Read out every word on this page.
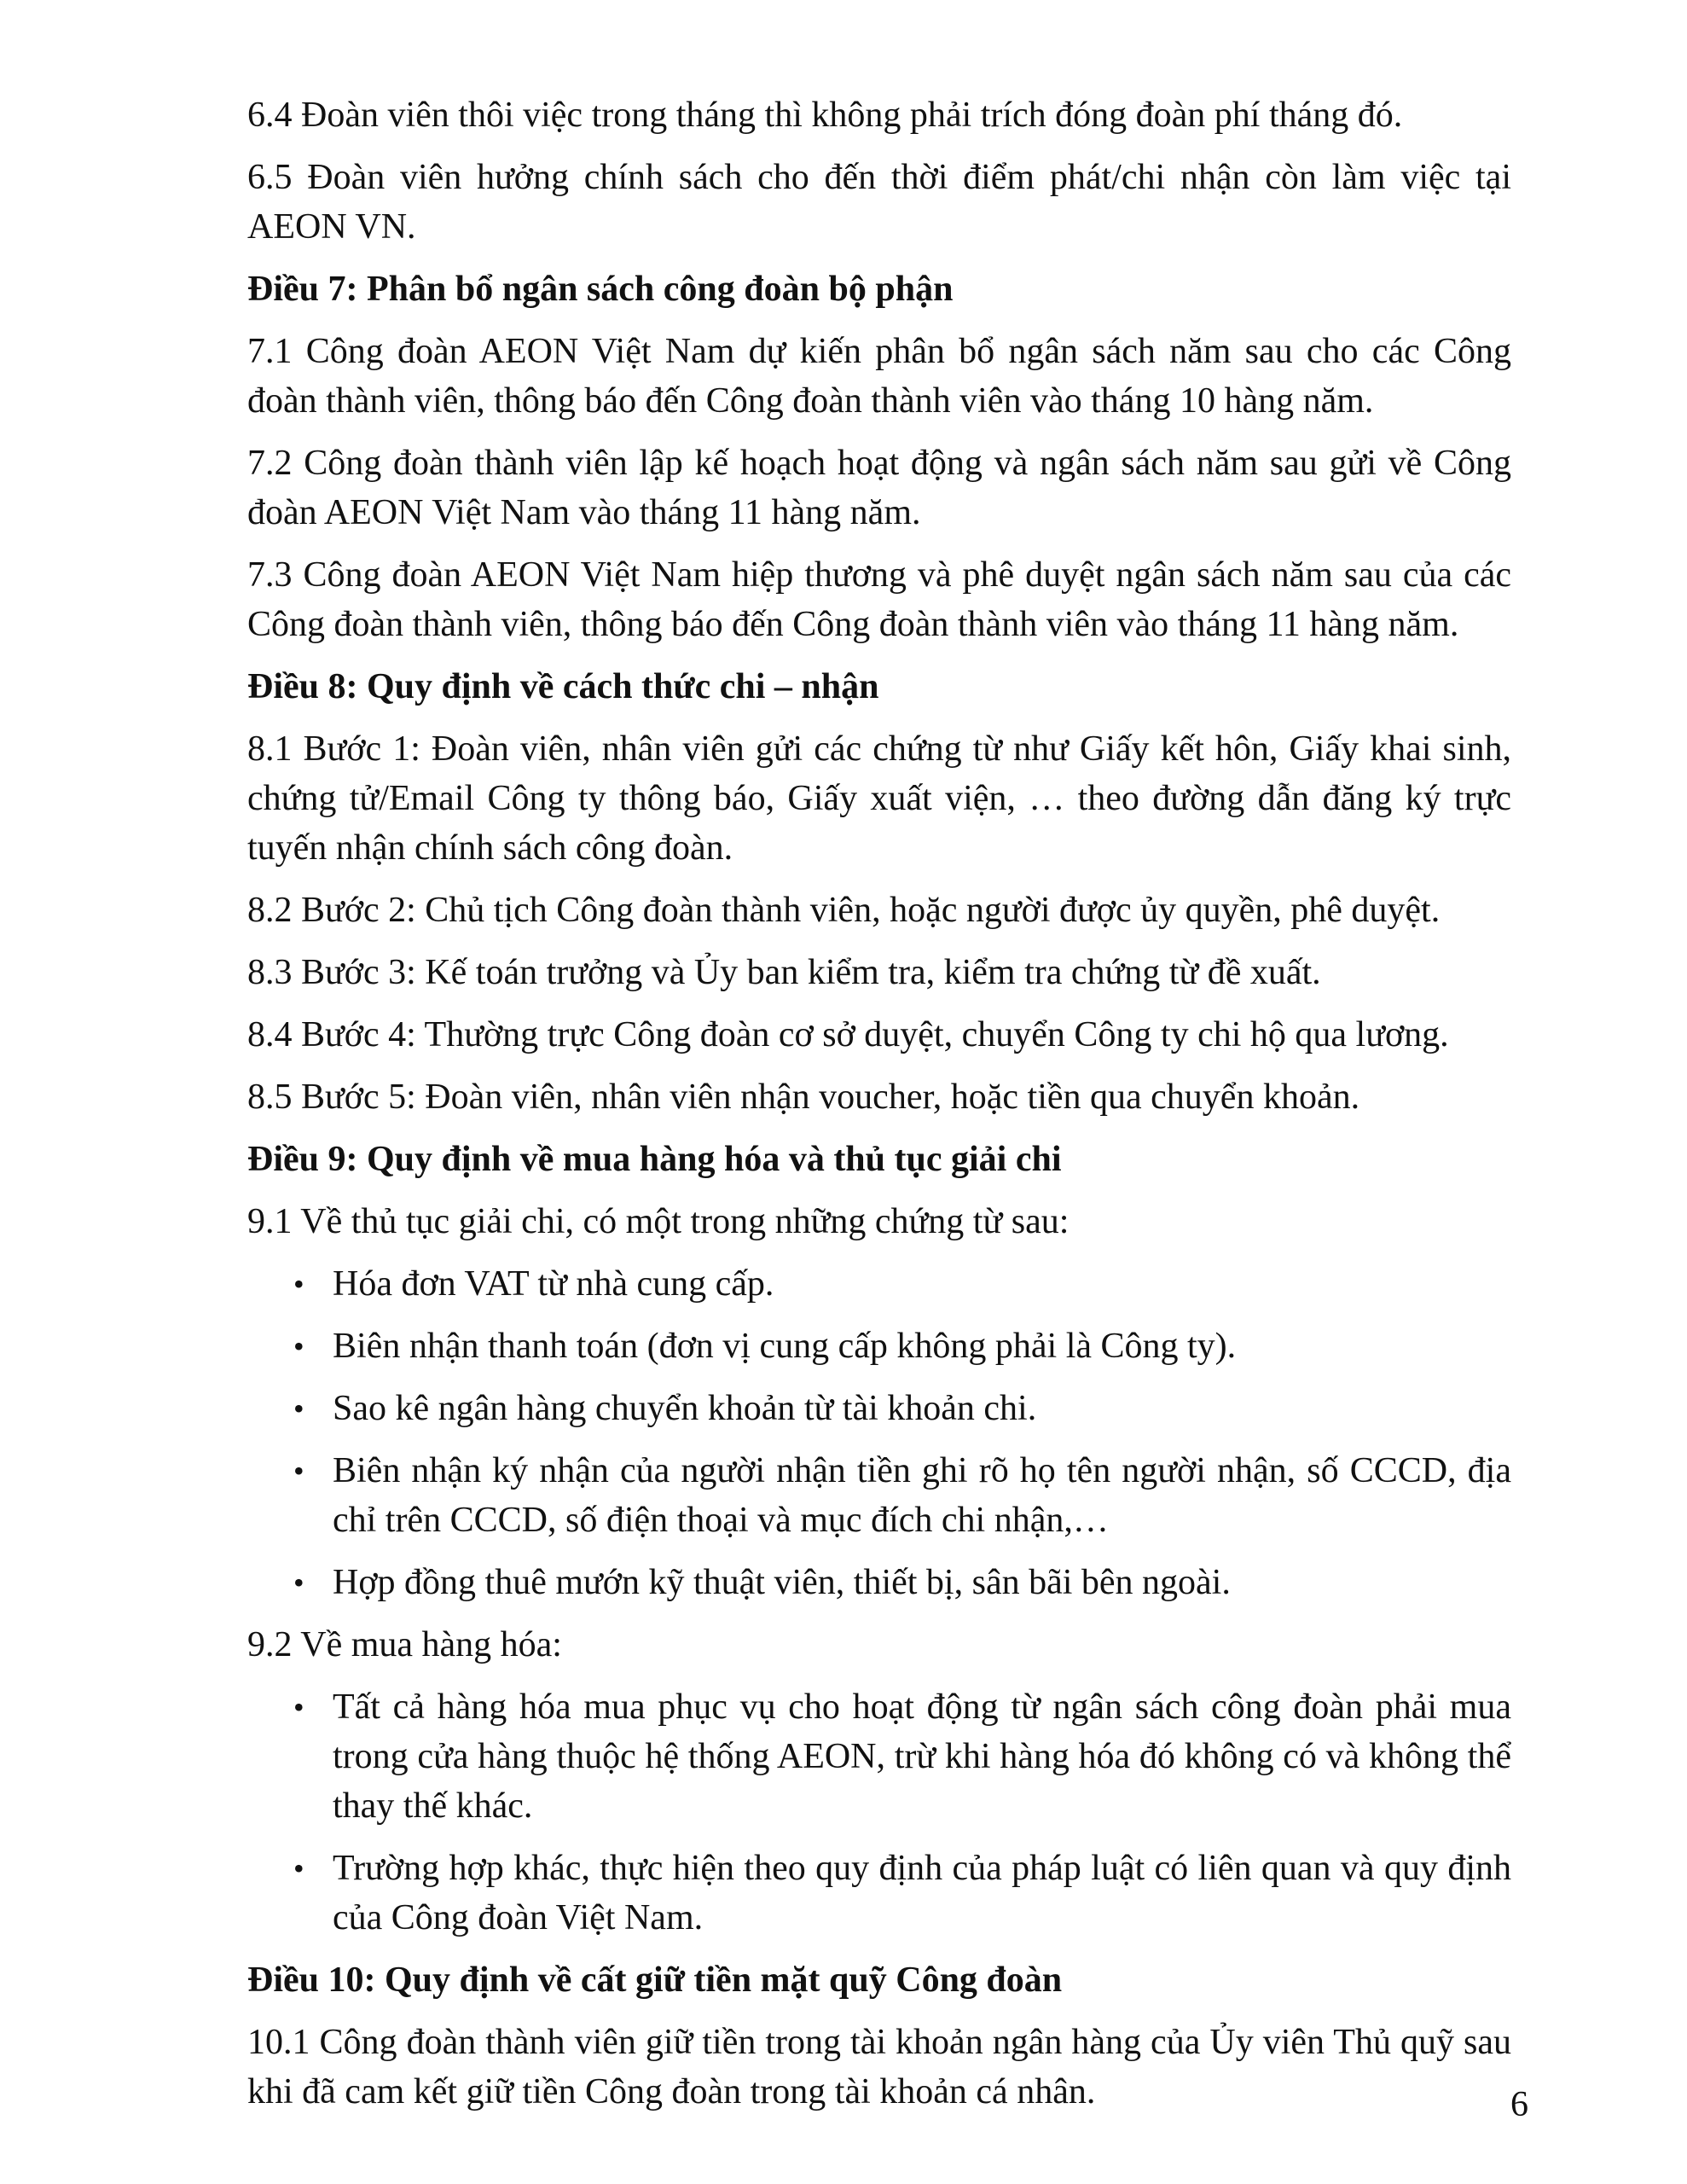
6.4 Đoàn viên thôi việc trong tháng thì không phải trích đóng đoàn phí tháng đó.

6.5 Đoàn viên hưởng chính sách cho đến thời điểm phát/chi nhận còn làm việc tại AEON VN.

Điều 7: Phân bổ ngân sách công đoàn bộ phận

7.1 Công đoàn AEON Việt Nam dự kiến phân bổ ngân sách năm sau cho các Công đoàn thành viên, thông báo đến Công đoàn thành viên vào tháng 10 hàng năm.

7.2 Công đoàn thành viên lập kế hoạch hoạt động và ngân sách năm sau gửi về Công đoàn AEON Việt Nam vào tháng 11 hàng năm.

7.3 Công đoàn AEON Việt Nam hiệp thương và phê duyệt ngân sách năm sau của các Công đoàn thành viên, thông báo đến Công đoàn thành viên vào tháng 11 hàng năm.

Điều 8: Quy định về cách thức chi – nhận

8.1 Bước 1: Đoàn viên, nhân viên gửi các chứng từ như Giấy kết hôn, Giấy khai sinh, chứng tử/Email Công ty thông báo, Giấy xuất viện, … theo đường dẫn đăng ký trực tuyến nhận chính sách công đoàn.

8.2 Bước 2: Chủ tịch Công đoàn thành viên, hoặc người được ủy quyền, phê duyệt.

8.3 Bước 3: Kế toán trưởng và Ủy ban kiểm tra, kiểm tra chứng từ đề xuất.

8.4 Bước 4: Thường trực Công đoàn cơ sở duyệt, chuyển Công ty chi hộ qua lương.

8.5 Bước 5: Đoàn viên, nhân viên nhận voucher, hoặc tiền qua chuyển khoản.

Điều 9: Quy định về mua hàng hóa và thủ tục giải chi

9.1 Về thủ tục giải chi, có một trong những chứng từ sau:

•
Hóa đơn VAT từ nhà cung cấp.
•
Biên nhận thanh toán (đơn vị cung cấp không phải là Công ty).
•
Sao kê ngân hàng chuyển khoản từ tài khoản chi.
•
Biên nhận ký nhận của người nhận tiền ghi rõ họ tên người nhận, số CCCD, địa chỉ trên CCCD, số điện thoại và mục đích chi nhận,…
•
Hợp đồng thuê mướn kỹ thuật viên, thiết bị, sân bãi bên ngoài.

9.2 Về mua hàng hóa:

•
Tất cả hàng hóa mua phục vụ cho hoạt động từ ngân sách công đoàn phải mua trong cửa hàng thuộc hệ thống AEON, trừ khi hàng hóa đó không có và không thể thay thế khác.
•
Trường hợp khác, thực hiện theo quy định của pháp luật có liên quan và quy định của Công đoàn Việt Nam.
Điều 10: Quy định về cất giữ tiền mặt quỹ Công đoàn

10.1 Công đoàn thành viên giữ tiền trong tài khoản ngân hàng của Ủy viên Thủ quỹ sau khi đã cam kết giữ tiền Công đoàn trong tài khoản cá nhân.	6
